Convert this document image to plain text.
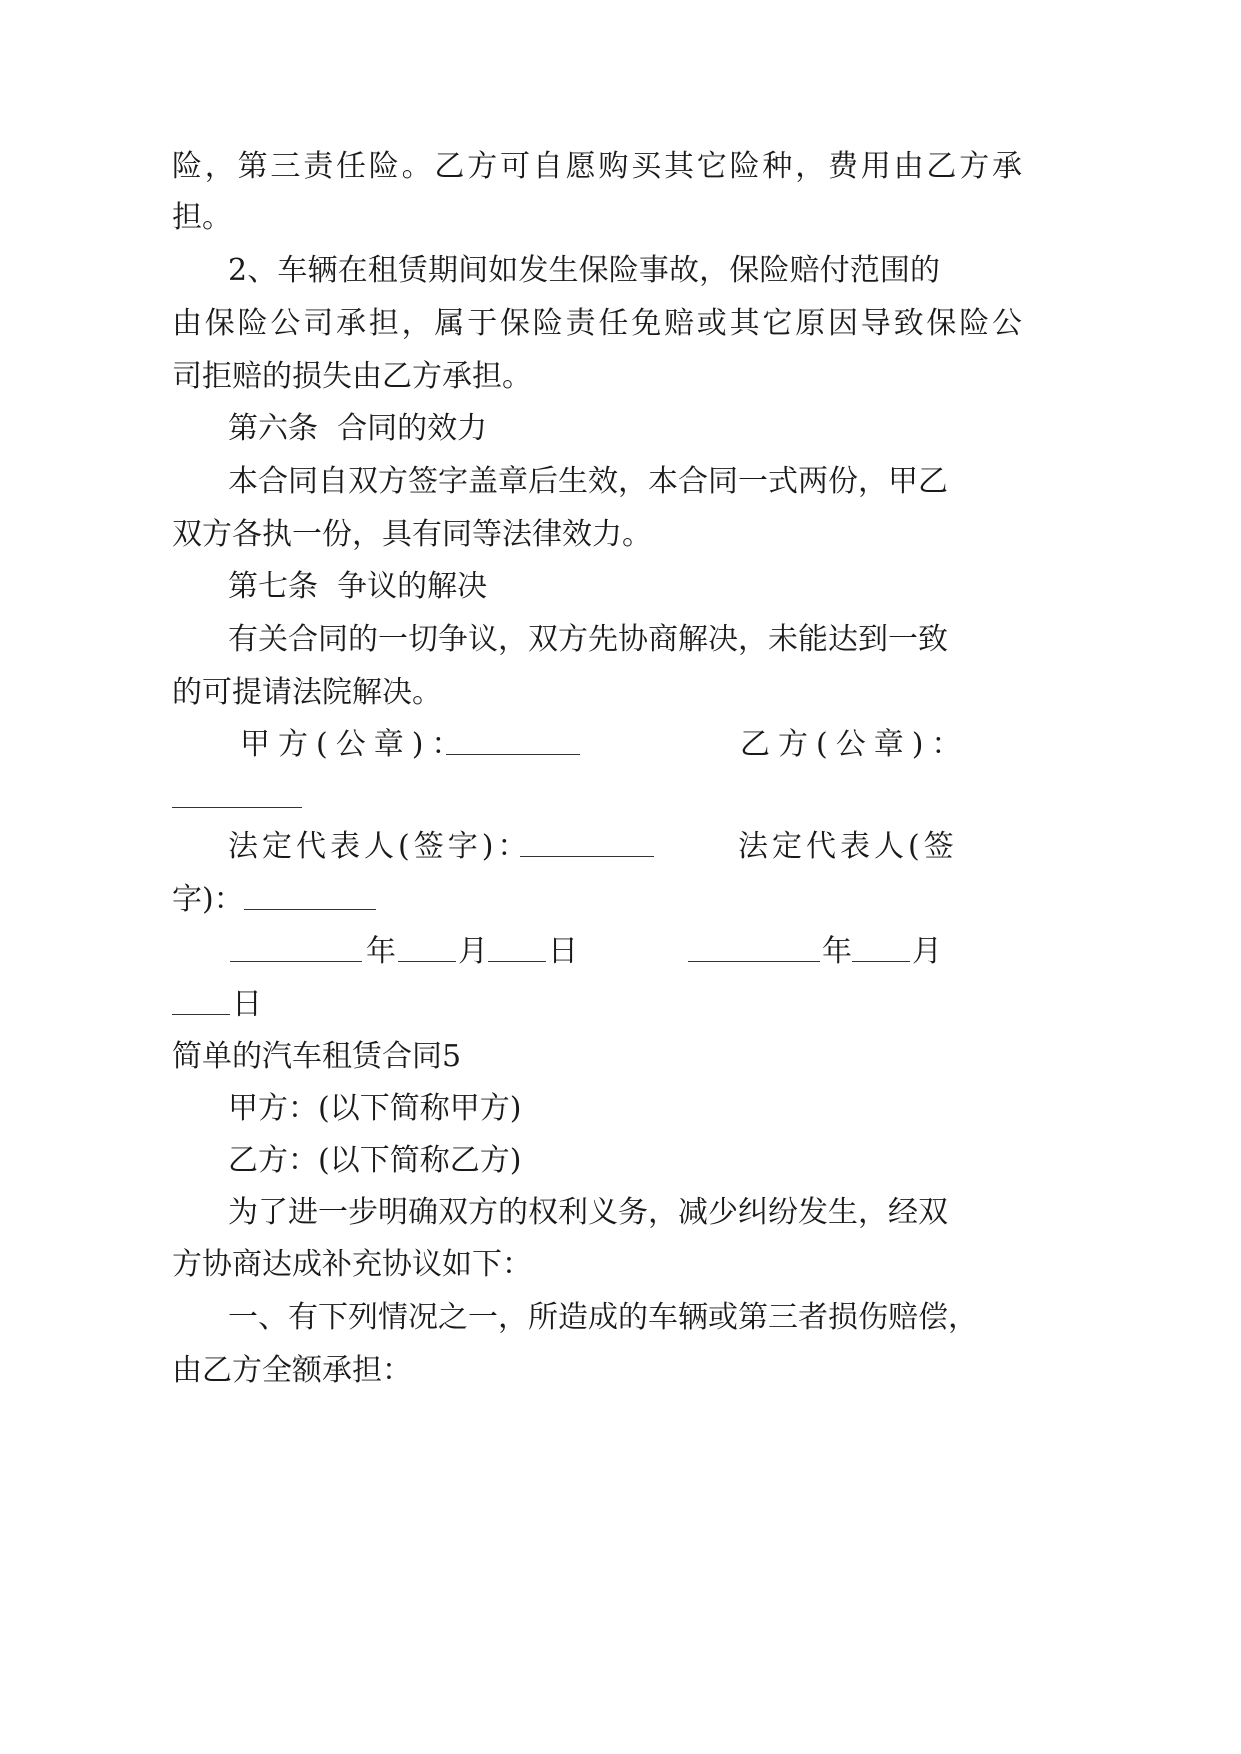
险，第三责任险。乙方可自愿购买其它险种，费用由乙方承
担。
2、车辆在租赁期间如发生保险事故，保险赔付范围的
由保险公司承担，属于保险责任免赔或其它原因导致保险公
司拒赔的损失由乙方承担。
第六条  合同的效力
本合同自双方签字盖章后生效，本合同一式两份，甲乙
双方各执一份，具有同等法律效力。
第七条  争议的解决
有关合同的一切争议，双方先协商解决，未能达到一致
的可提请法院解决。
甲方(公章)：	乙方(公章)：
法定代表人(签字)：	法定代表人(签
字)：
年 月 日	年 月
日
简单的汽车租赁合同5
甲方：(以下简称甲方)
乙方：(以下简称乙方)
为了进一步明确双方的权利义务，减少纠纷发生，经双
方协商达成补充协议如下：
一、有下列情况之一，所造成的车辆或第三者损伤赔偿，
由乙方全额承担：
